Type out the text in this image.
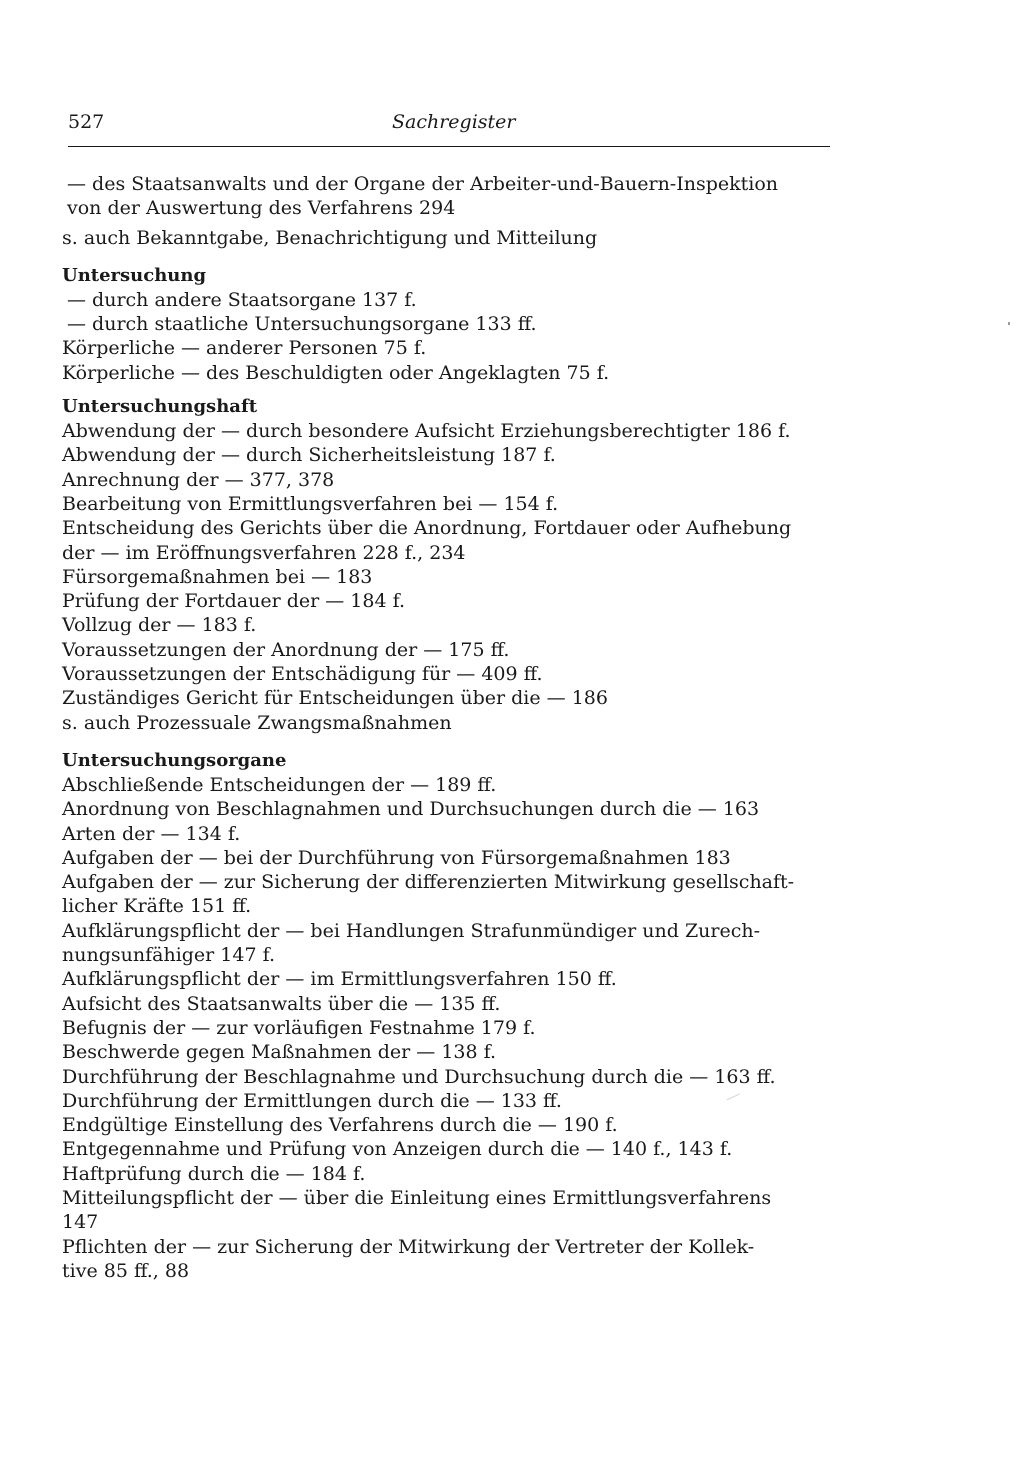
527	Sachregister

— des Staatsanwalts und der Organe der Arbeiter-und-Bauern-Inspektion
von der Auswertung des Verfahrens 294

s. auch Bekanntgabe, Benachrichtigung und Mitteilung

Untersuchung

— durch andere Staatsorgane 137 f.

— durch staatliche Untersuchungsorgane 133 ff.

Körperliche — anderer Personen 75 f.

Körperliche — des Beschuldigten oder Angeklagten 75 f.

Untersuchungshaft

Abwendung der — durch besondere Aufsicht Erziehungsberechtigter 186 f.

Abwendung der — durch Sicherheitsleistung 187 f.

Anrechnung der — 377, 378

Bearbeitung von Ermittlungsverfahren bei — 154 f.

Entscheidung des Gerichts über die Anordnung, Fortdauer oder Aufhebung
der — im Eröffnungsverfahren 228 f., 234

Fürsorgemaßnahmen bei — 183

Prüfung der Fortdauer der — 184 f.

Vollzug der — 183 f.

Voraussetzungen der Anordnung der — 175 ff.

Voraussetzungen der Entschädigung für — 409 ff.

Zuständiges Gericht für Entscheidungen über die — 186

s. auch Prozessuale Zwangsmaßnahmen

Untersuchungsorgane

Abschließende Entscheidungen der — 189 ff.

Anordnung von Beschlagnahmen und Durchsuchungen durch die — 163

Arten der — 134 f.

Aufgaben der — bei der Durchführung von Fürsorgemaßnahmen 183

Aufgaben der — zur Sicherung der differenzierten Mitwirkung gesellschaft-
licher Kräfte 151 ff.

Aufklärungspflicht der — bei Handlungen Strafunmündiger und Zurech-
nungsunfähiger 147 f.

Aufklärungspflicht der — im Ermittlungsverfahren 150 ff.

Aufsicht des Staatsanwalts über die — 135 ff.

Befugnis der — zur vorläufigen Festnahme 179 f.

Beschwerde gegen Maßnahmen der — 138 f.

Durchführung der Beschlagnahme und Durchsuchung durch die — 163 ff.

Durchführung der Ermittlungen durch die — 133 ff.

Endgültige Einstellung des Verfahrens durch die — 190 f.

Entgegennahme und Prüfung von Anzeigen durch die — 140 f., 143 f.

Haftprüfung durch die — 184 f.

Mitteilungspflicht der — über die Einleitung eines Ermittlungsverfahrens
147

Pflichten der — zur Sicherung der Mitwirkung der Vertreter der Kollek-
tive 85 ff., 88
